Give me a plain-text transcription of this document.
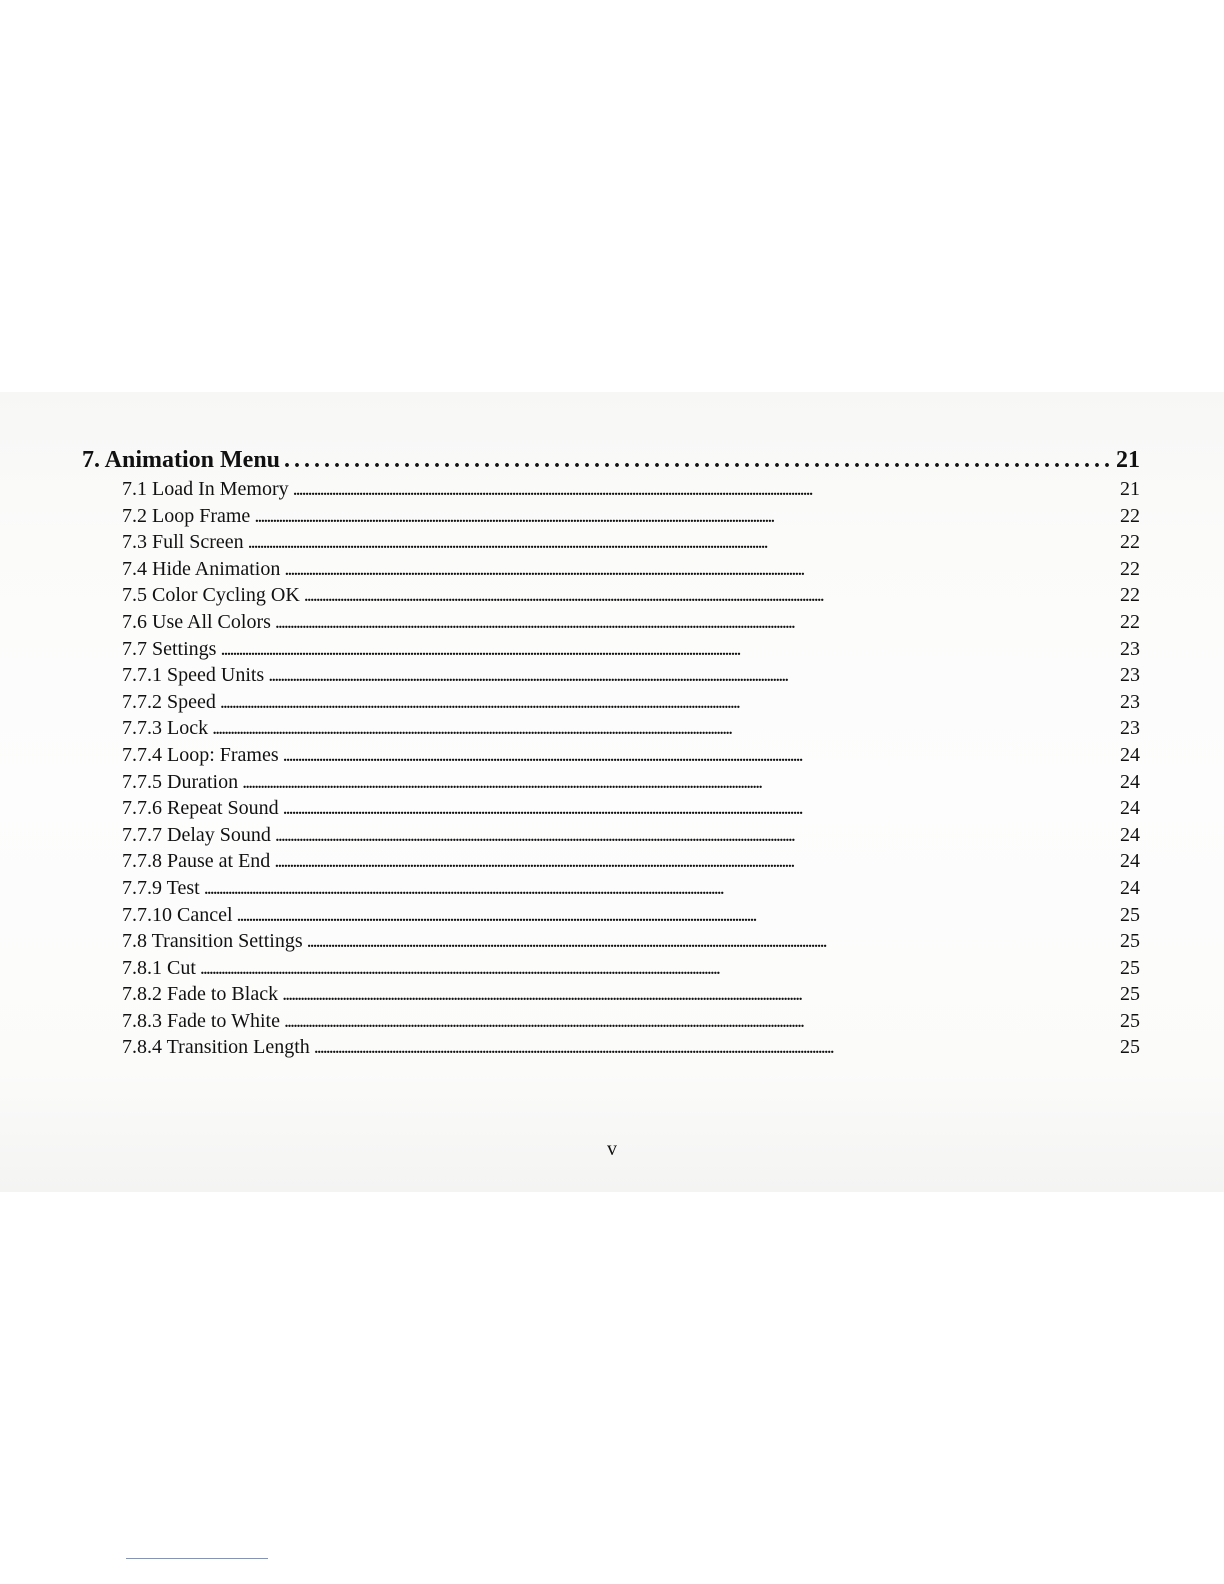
7. Animation Menu . . .	21
7.1 Load In Memory . . .	21
7.2 Loop Frame . . .	22
7.3 Full Screen . . .	22
7.4 Hide Animation . . .	22
7.5 Color Cycling OK . . .	22
7.6 Use All Colors . . .	22
7.7 Settings . . .	23
7.7.1 Speed Units . . .	23
7.7.2 Speed . . .	23
7.7.3 Lock . . .	23
7.7.4 Loop: Frames . . .	24
7.7.5 Duration . . .	24
7.7.6 Repeat Sound . . .	24
7.7.7 Delay Sound . . .	24
7.7.8 Pause at End . . .	24
7.7.9 Test . . .	24
7.7.10 Cancel . . .	25
7.8 Transition Settings . . .	25
7.8.1 Cut . . .	25
7.8.2 Fade to Black . . .	25
7.8.3 Fade to White . . .	25
7.8.4 Transition Length . . .	25
v
